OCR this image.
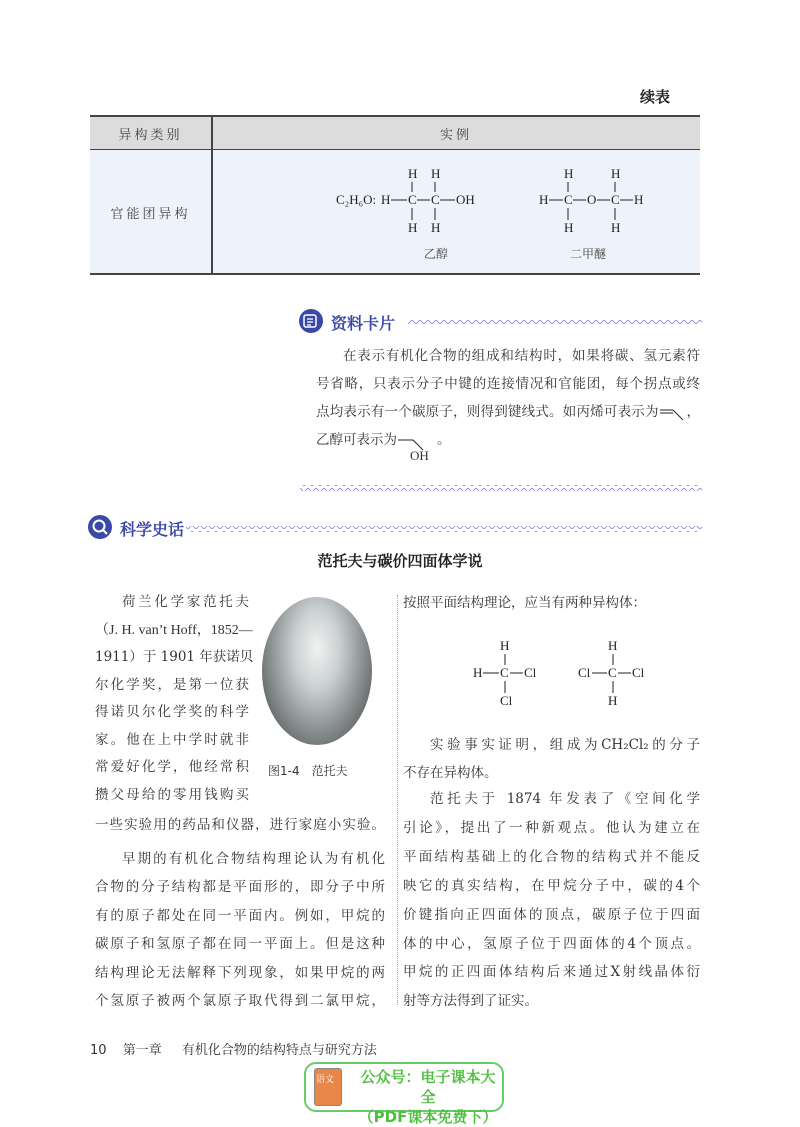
续表
异构类别	实例
官能团异构
C₂H₆O:
H H
H C C OH
H H
乙醇
H	H
H C O C H
H	H
二甲醚
资料卡片
在表示有机化合物的组成和结构时，如果将碳、氢元素符
号省略，只表示分子中键的连接情况和官能团，每个拐点或终
点均表示有一个碳原子，则得到键线式。如丙烯可表示为 ，
乙醇可表示为	。
OH
科学史话
范托夫与碳价四面体学说
荷兰化学家范托夫
（J. H. van’t Hoff，1852—
1911）于 1901 年获诺贝
尔化学奖，是第一位获
得诺贝尔化学奖的科学
家。他在上中学时就非
常爱好化学，他经常积
攒父母给的零用钱购买
图1-4　范托夫
一些实验用的药品和仪器，进行家庭小实验。
早期的有机化合物结构理论认为有机化
合物的分子结构都是平面形的，即分子中所
有的原子都处在同一平面内。例如，甲烷的
碳原子和氢原子都在同一平面上。但是这种
结构理论无法解释下列现象，如果甲烷的两
个氢原子被两个氯原子取代得到二氯甲烷，
按照平面结构理论，应当有两种异构体：
H
H C Cl
Cl
H
Cl C Cl
H
实验事实证明，组成为CH₂Cl₂的分子
不存在异构体。
范托夫于 1874 年发表了《空间化学
引论》，提出了一种新观点。他认为建立在
平面结构基础上的化合物的结构式并不能反
映它的真实结构，在甲烷分子中，碳的4个
价键指向正四面体的顶点，碳原子位于四面
体的中心，氢原子位于四面体的4个顶点。
甲烷的正四面体结构后来通过X射线晶体衍
射等方法得到了证实。
10 第一章 有机化合物的结构特点与研究方法
语文 公众号：电子课本大全
（PDF课本免费下）
